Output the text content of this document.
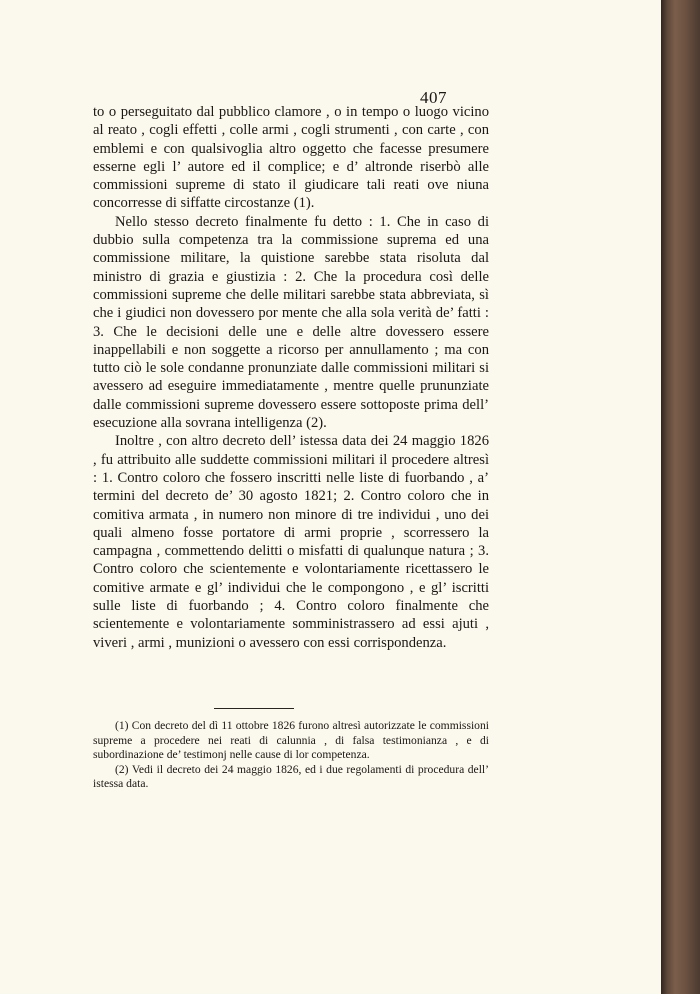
407

to o perseguitato dal pubblico clamore , o in tempo o luogo vicino al reato , cogli effetti , colle armi , cogli strumenti , con carte , con emblemi e con qualsivoglia altro oggetto che facesse presumere esserne egli l’ autore ed il complice; e d’ altronde riserbò alle commissioni supreme di stato il giudicare tali reati ove niuna concorresse di siffatte circostanze (1).

Nello stesso decreto finalmente fu detto : 1. Che in caso di dubbio sulla competenza tra la commissione suprema ed una commissione militare, la quistione sarebbe stata risoluta dal ministro di grazia e giustizia : 2. Che la procedura così delle commissioni supreme che delle militari sarebbe stata abbreviata, sì che i giudici non dovessero por mente che alla sola verità de’ fatti : 3. Che le decisioni delle une e delle altre dovessero essere inappellabili e non soggette a ricorso per annullamento ; ma con tutto ciò le sole condanne pronunziate dalle commissioni militari si avessero ad eseguire immediatamente , mentre quelle prununziate dalle commissioni supreme dovessero essere sottoposte prima dell’ esecuzione alla sovrana intelligenza (2).

Inoltre , con altro decreto dell’ istessa data dei 24 maggio 1826 , fu attribuito alle suddette commissioni militari il procedere altresì : 1. Contro coloro che fossero inscritti nelle liste di fuorbando , a’ termini del decreto de’ 30 agosto 1821; 2. Contro coloro che in comitiva armata , in numero non minore di tre individui , uno dei quali almeno fosse portatore di armi proprie , scorressero la campagna , commettendo delitti o misfatti di qualunque natura ; 3. Contro coloro che scientemente e volontariamente ricettassero le comitive armate e gl’ individui che le compongono , e gl’ iscritti sulle liste di fuorbando ; 4. Contro coloro finalmente che scientemente e volontariamente somministrassero ad essi ajuti , viveri , armi , munizioni o avessero con essi corrispondenza.

(1) Con decreto del dì 11 ottobre 1826 furono altresì autorizzate le commissioni supreme a procedere nei reati di calunnia , di falsa testimonianza , e di subordinazione de’ testimonj nelle cause di lor competenza.

(2) Vedi il decreto dei 24 maggio 1826, ed i due regolamenti di procedura dell’ istessa data.
